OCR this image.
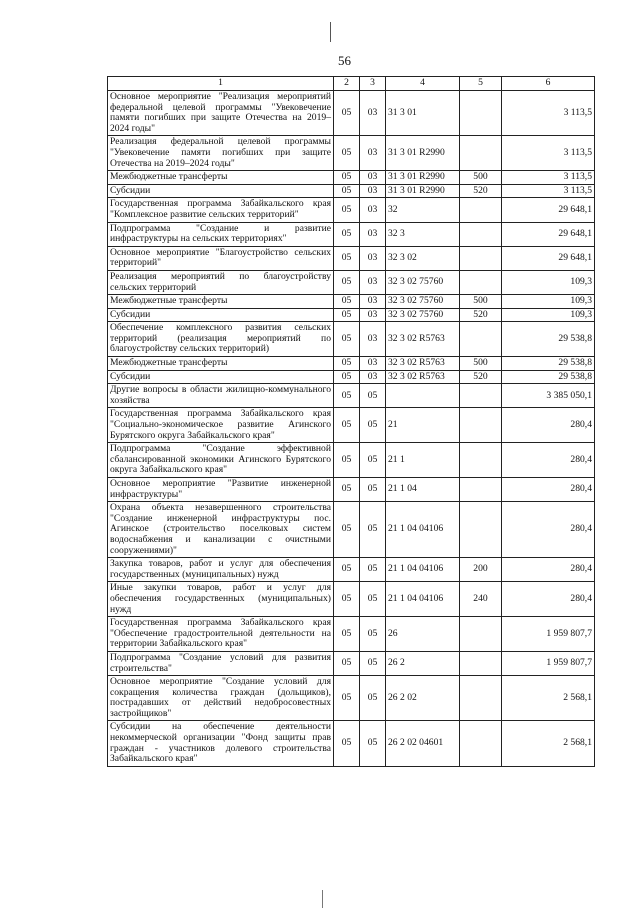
56
1	2	3	4	5	6
Основное мероприятие "Реализация мероприятий федеральной целевой программы "Увековечение памяти погибших при защите Отечества на 2019–2024 годы"	05	03	31 3 01		3 113,5
Реализация федеральной целевой программы "Увековечение памяти погибших при защите Отечества на 2019–2024 годы"	05	03	31 3 01 R2990		3 113,5
Межбюджетные трансферты	05	03	31 3 01 R2990	500	3 113,5
Субсидии	05	03	31 3 01 R2990	520	3 113,5
Государственная программа Забайкальского края "Комплексное развитие сельских территорий"	05	03	32		29 648,1
Подпрограмма "Создание и развитие инфраструктуры на сельских территориях"	05	03	32 3		29 648,1
Основное мероприятие "Благоустройство сельских территорий"	05	03	32 3 02		29 648,1
Реализация мероприятий по благоустройству сельских территорий	05	03	32 3 02 75760		109,3
Межбюджетные трансферты	05	03	32 3 02 75760	500	109,3
Субсидии	05	03	32 3 02 75760	520	109,3
Обеспечение комплексного развития сельских территорий (реализация мероприятий по благоустройству сельских территорий)	05	03	32 3 02 R5763		29 538,8
Межбюджетные трансферты	05	03	32 3 02 R5763	500	29 538,8
Субсидии	05	03	32 3 02 R5763	520	29 538,8
Другие вопросы в области жилищно-коммунального хозяйства	05	05			3 385 050,1
Государственная программа Забайкальского края "Социально-экономическое развитие Агинского Бурятского округа Забайкальского края"	05	05	21		280,4
Подпрограмма "Создание эффективной сбалансированной экономики Агинского Бурятского округа Забайкальского края"	05	05	21 1		280,4
Основное мероприятие "Развитие инженерной инфраструктуры"	05	05	21 1 04		280,4
Охрана объекта незавершенного строительства "Создание инженерной инфраструктуры пос. Агинское (строительство поселковых систем водоснабжения и канализации с очистными сооружениями)"	05	05	21 1 04 04106		280,4
Закупка товаров, работ и услуг для обеспечения государственных (муниципальных) нужд	05	05	21 1 04 04106	200	280,4
Иные закупки товаров, работ и услуг для обеспечения государственных (муниципальных) нужд	05	05	21 1 04 04106	240	280,4
Государственная программа Забайкальского края "Обеспечение градостроительной деятельности на территории Забайкальского края"	05	05	26		1 959 807,7
Подпрограмма "Создание условий для развития строительства"	05	05	26 2		1 959 807,7
Основное мероприятие "Создание условий для сокращения количества граждан (дольщиков), пострадавших от действий недобросовестных застройщиков"	05	05	26 2 02		2 568,1
Субсидии на обеспечение деятельности некоммерческой организации "Фонд защиты прав граждан - участников долевого строительства Забайкальского края"	05	05	26 2 02 04601		2 568,1
